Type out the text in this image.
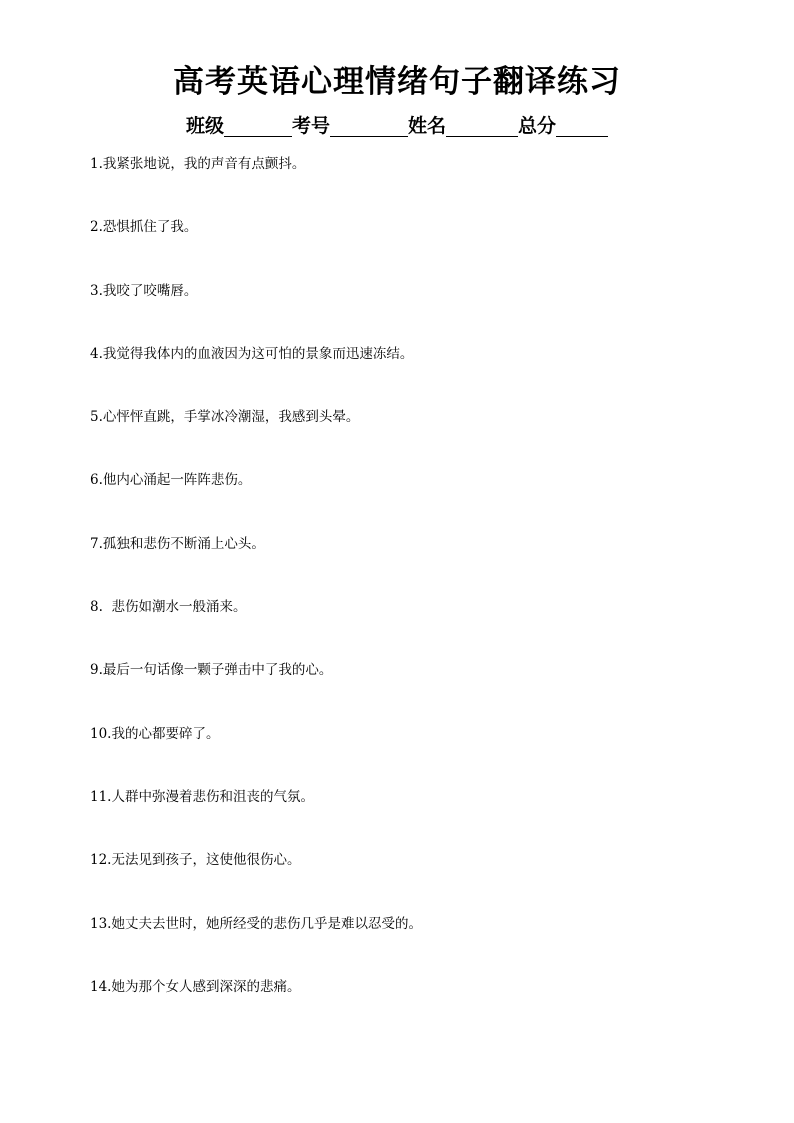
高考英语心理情绪句子翻译练习
班级	考号	姓名	总分
1.我紧张地说，我的声音有点颤抖。
2.恐惧抓住了我。
3.我咬了咬嘴唇。
4.我觉得我体内的血液因为这可怕的景象而迅速冻结。
5.心怦怦直跳，手掌冰冷潮湿，我感到头晕。
6.他内心涌起一阵阵悲伤。
7.孤独和悲伤不断涌上心头。
8.  悲伤如潮水一般涌来。
9.最后一句话像一颗子弹击中了我的心。
10.我的心都要碎了。
11.人群中弥漫着悲伤和沮丧的气氛。
12.无法见到孩子，这使他很伤心。
13.她丈夫去世时，她所经受的悲伤几乎是难以忍受的。
14.她为那个女人感到深深的悲痛。
